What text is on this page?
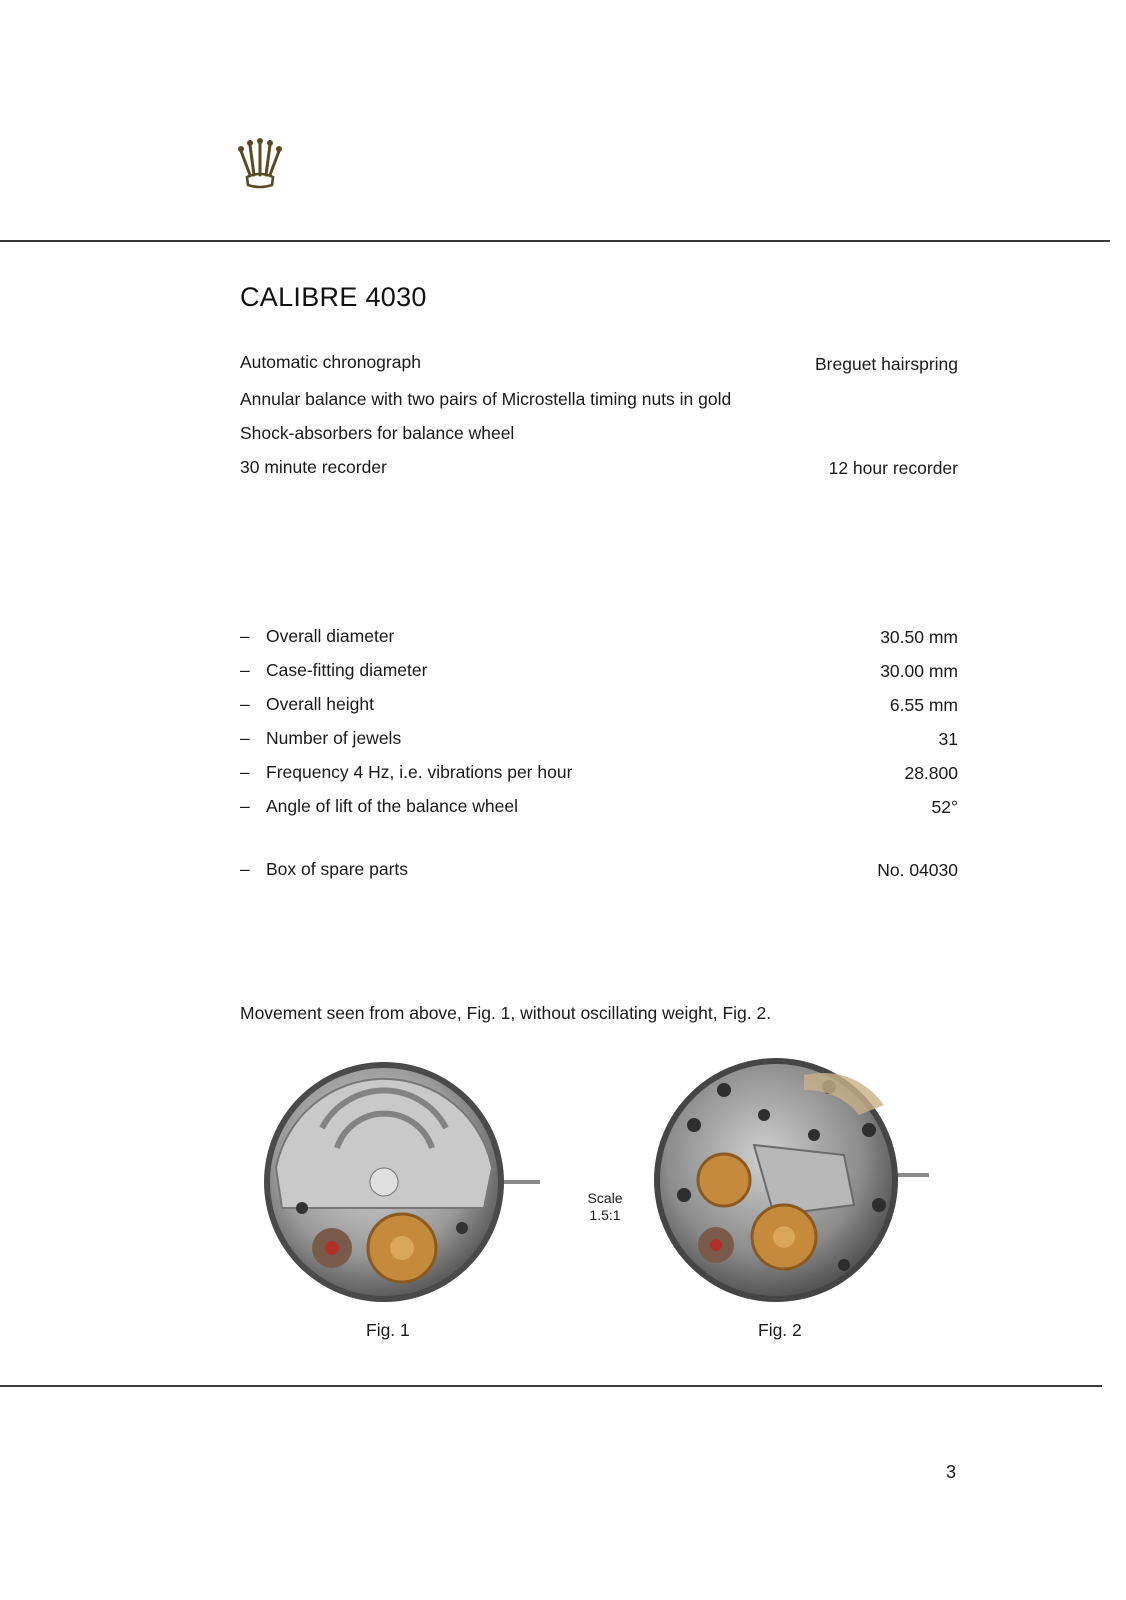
CALIBRE 4030
Automatic chronograph	Breguet hairspring
Annular balance with two pairs of Microstella timing nuts in gold
Shock-absorbers for balance wheel
30 minute recorder	12 hour recorder
– Overall diameter	30.50 mm
– Case-fitting diameter	30.00 mm
– Overall height	6.55 mm
– Number of jewels	31
– Frequency 4 Hz, i.e. vibrations per hour	28.800
– Angle of lift of the balance wheel	52°
– Box of spare parts	No. 04030
Movement seen from above, Fig. 1, without oscillating weight, Fig. 2.
Scale
1.5:1
Fig. 1	Fig. 2
3
